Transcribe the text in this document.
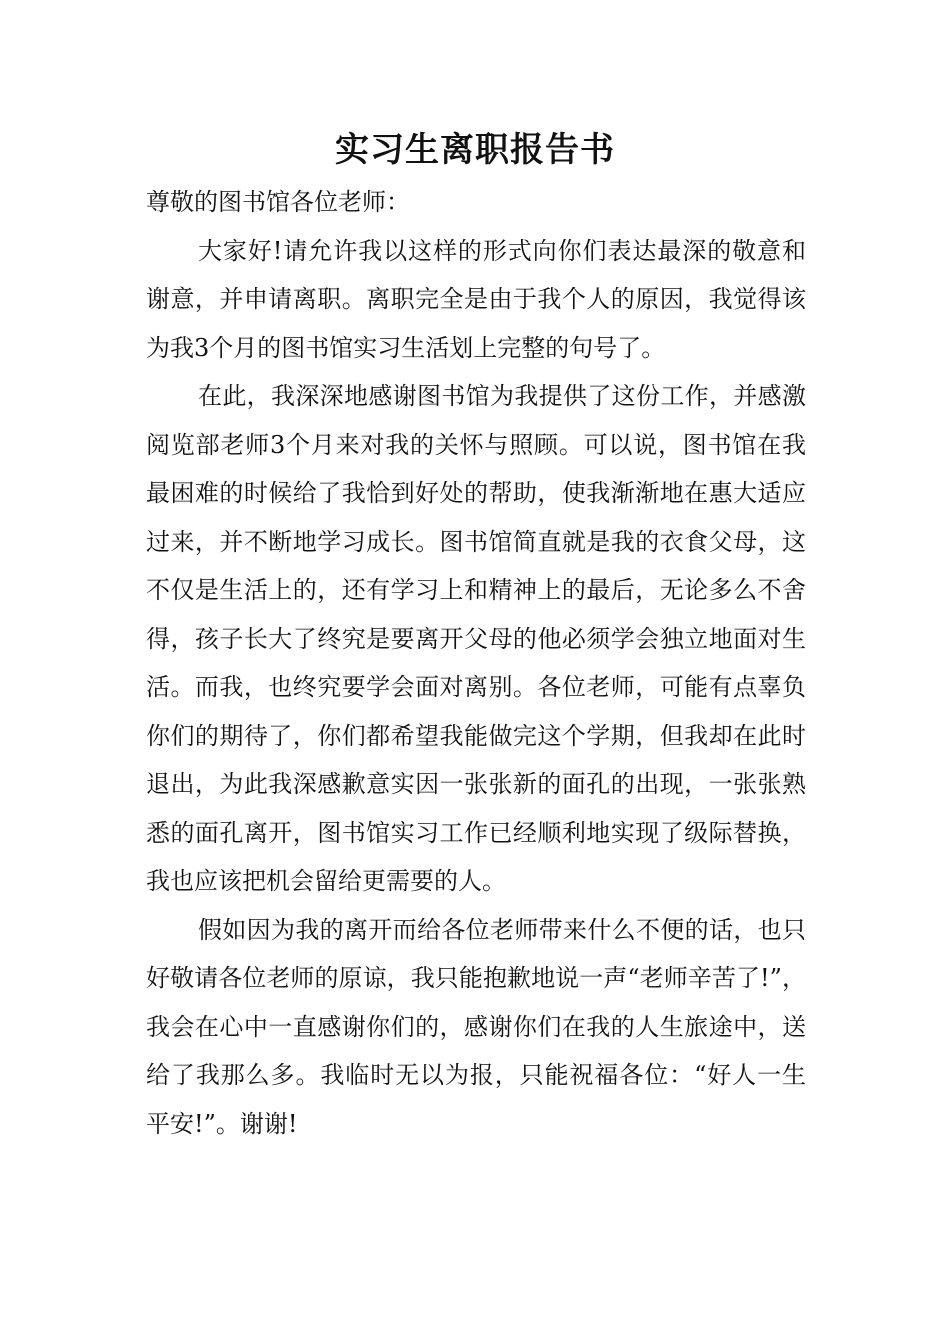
实习生离职报告书

尊敬的图书馆各位老师：

大家好!请允许我以这样的形式向你们表达最深的敬意和谢意，并申请离职。离职完全是由于我个人的原因，我觉得该为我3个月的图书馆实习生活划上完整的句号了。

在此，我深深地感谢图书馆为我提供了这份工作，并感激阅览部老师3个月来对我的关怀与照顾。可以说，图书馆在我最困难的时候给了我恰到好处的帮助，使我渐渐地在惠大适应过来，并不断地学习成长。图书馆简直就是我的衣食父母，这不仅是生活上的，还有学习上和精神上的最后，无论多么不舍得，孩子长大了终究是要离开父母的他必须学会独立地面对生活。而我，也终究要学会面对离别。各位老师，可能有点辜负你们的期待了，你们都希望我能做完这个学期，但我却在此时退出，为此我深感歉意实因一张张新的面孔的出现，一张张熟悉的面孔离开，图书馆实习工作已经顺利地实现了级际替换，我也应该把机会留给更需要的人。

假如因为我的离开而给各位老师带来什么不便的话，也只好敬请各位老师的原谅，我只能抱歉地说一声“老师辛苦了!”，我会在心中一直感谢你们的，感谢你们在我的人生旅途中，送给了我那么多。我临时无以为报，只能祝福各位：“好人一生平安!”。谢谢!
